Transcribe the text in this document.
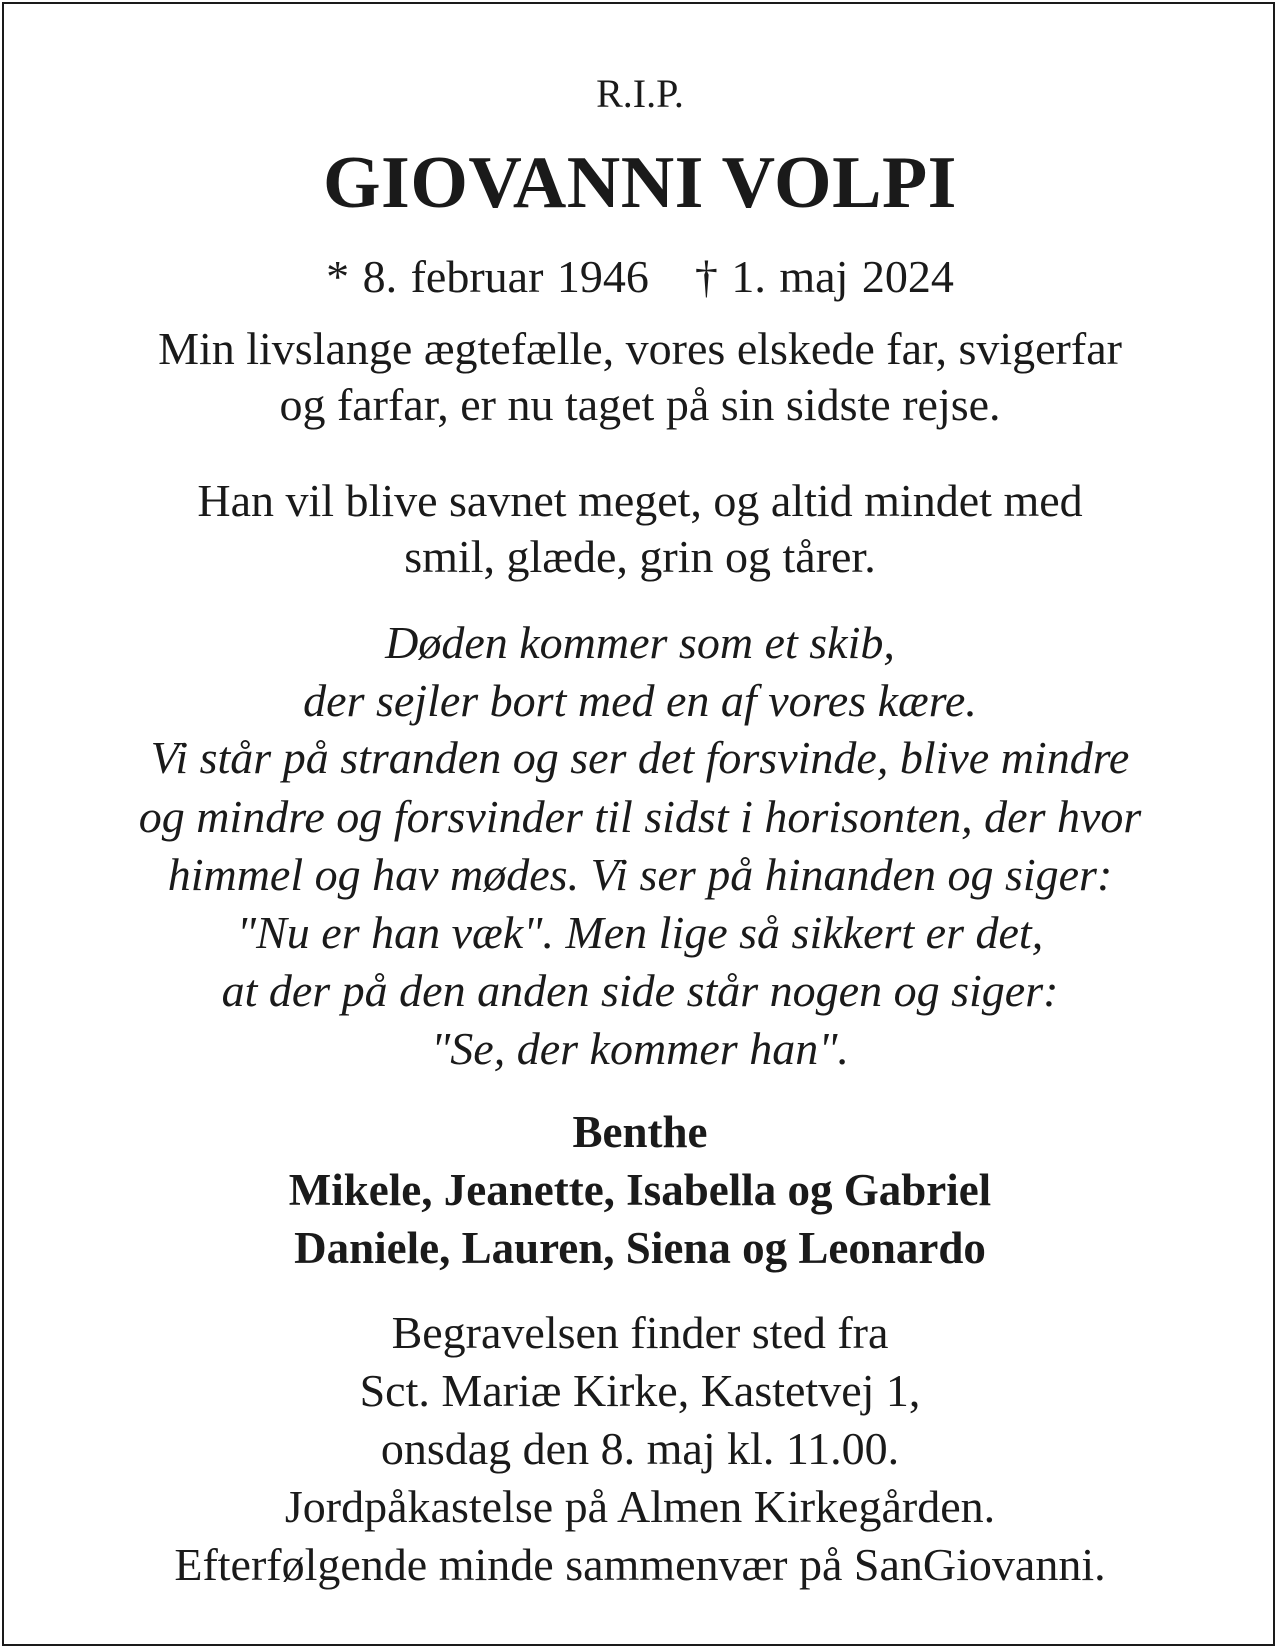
R.I.P.
GIOVANNI VOLPI
* 8. februar 1946 † 1. maj 2024
Min livslange ægtefælle, vores elskede far, svigerfar
og farfar, er nu taget på sin sidste rejse.
Han vil blive savnet meget, og altid mindet med
smil, glæde, grin og tårer.
Døden kommer som et skib,
der sejler bort med en af vores kære.
Vi står på stranden og ser det forsvinde, blive mindre
og mindre og forsvinder til sidst i horisonten, der hvor
himmel og hav mødes. Vi ser på hinanden og siger:
"Nu er han væk". Men lige så sikkert er det,
at der på den anden side står nogen og siger:
"Se, der kommer han".
Benthe
Mikele, Jeanette, Isabella og Gabriel
Daniele, Lauren, Siena og Leonardo
Begravelsen finder sted fra
Sct. Mariæ Kirke, Kastetvej 1,
onsdag den 8. maj kl. 11.00.
Jordpåkastelse på Almen Kirkegården.
Efterfølgende minde sammenvær på SanGiovanni.
